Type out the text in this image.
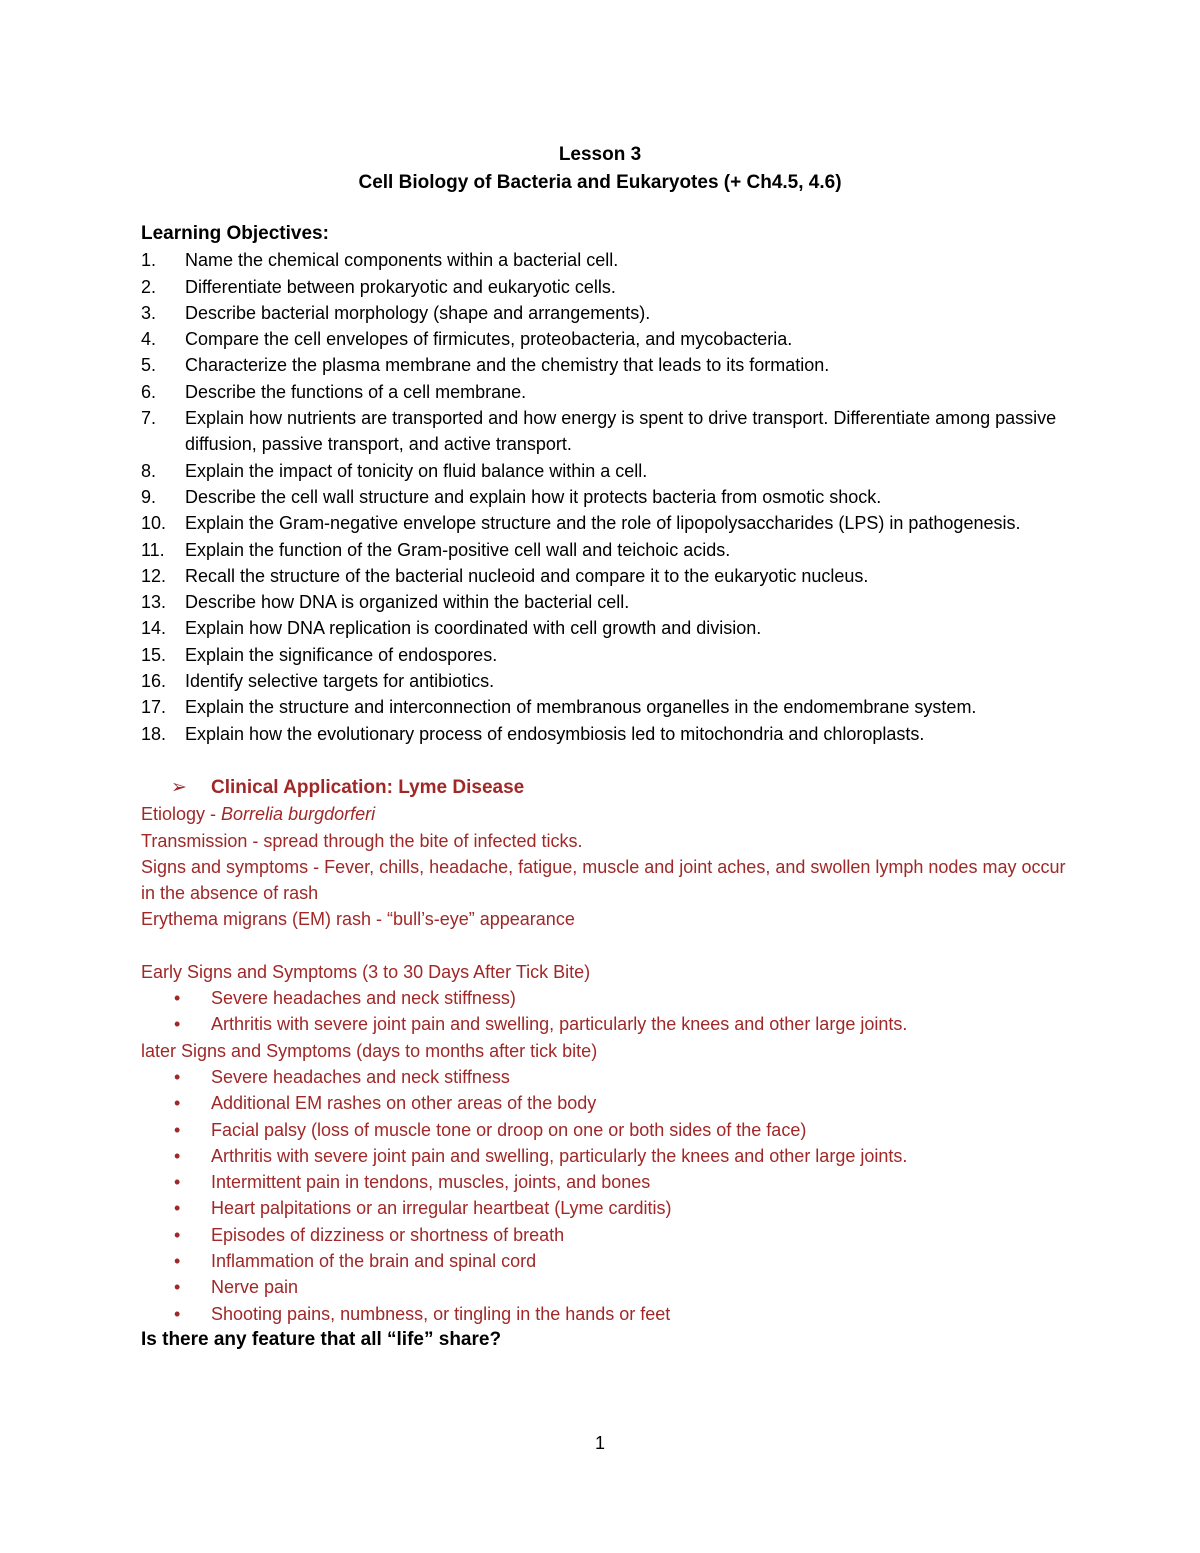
Lesson 3
Cell Biology of Bacteria and Eukaryotes (+ Ch4.5, 4.6)
Learning Objectives:
1. Name the chemical components within a bacterial cell.
2. Differentiate between prokaryotic and eukaryotic cells.
3. Describe bacterial morphology (shape and arrangements).
4. Compare the cell envelopes of firmicutes, proteobacteria, and mycobacteria.
5. Characterize the plasma membrane and the chemistry that leads to its formation.
6. Describe the functions of a cell membrane.
7. Explain how nutrients are transported and how energy is spent to drive transport. Differentiate among passive diffusion, passive transport, and active transport.
8. Explain the impact of tonicity on fluid balance within a cell.
9. Describe the cell wall structure and explain how it protects bacteria from osmotic shock.
10. Explain the Gram-negative envelope structure and the role of lipopolysaccharides (LPS) in pathogenesis.
11. Explain the function of the Gram-positive cell wall and teichoic acids.
12. Recall the structure of the bacterial nucleoid and compare it to the eukaryotic nucleus.
13. Describe how DNA is organized within the bacterial cell.
14. Explain how DNA replication is coordinated with cell growth and division.
15. Explain the significance of endospores.
16. Identify selective targets for antibiotics.
17. Explain the structure and interconnection of membranous organelles in the endomembrane system.
18. Explain how the evolutionary process of endosymbiosis led to mitochondria and chloroplasts.
➢ Clinical Application: Lyme Disease
Etiology - Borrelia burgdorferi
Transmission - spread through the bite of infected ticks.
Signs and symptoms - Fever, chills, headache, fatigue, muscle and joint aches, and swollen lymph nodes may occur in the absence of rash
Erythema migrans (EM) rash - “bull’s-eye” appearance
Early Signs and Symptoms (3 to 30 Days After Tick Bite)
• Severe headaches and neck stiffness)
• Arthritis with severe joint pain and swelling, particularly the knees and other large joints.
later Signs and Symptoms (days to months after tick bite)
• Severe headaches and neck stiffness
• Additional EM rashes on other areas of the body
• Facial palsy (loss of muscle tone or droop on one or both sides of the face)
• Arthritis with severe joint pain and swelling, particularly the knees and other large joints.
• Intermittent pain in tendons, muscles, joints, and bones
• Heart palpitations or an irregular heartbeat (Lyme carditis)
• Episodes of dizziness or shortness of breath
• Inflammation of the brain and spinal cord
• Nerve pain
• Shooting pains, numbness, or tingling in the hands or feet
Is there any feature that all “life” share?
1
